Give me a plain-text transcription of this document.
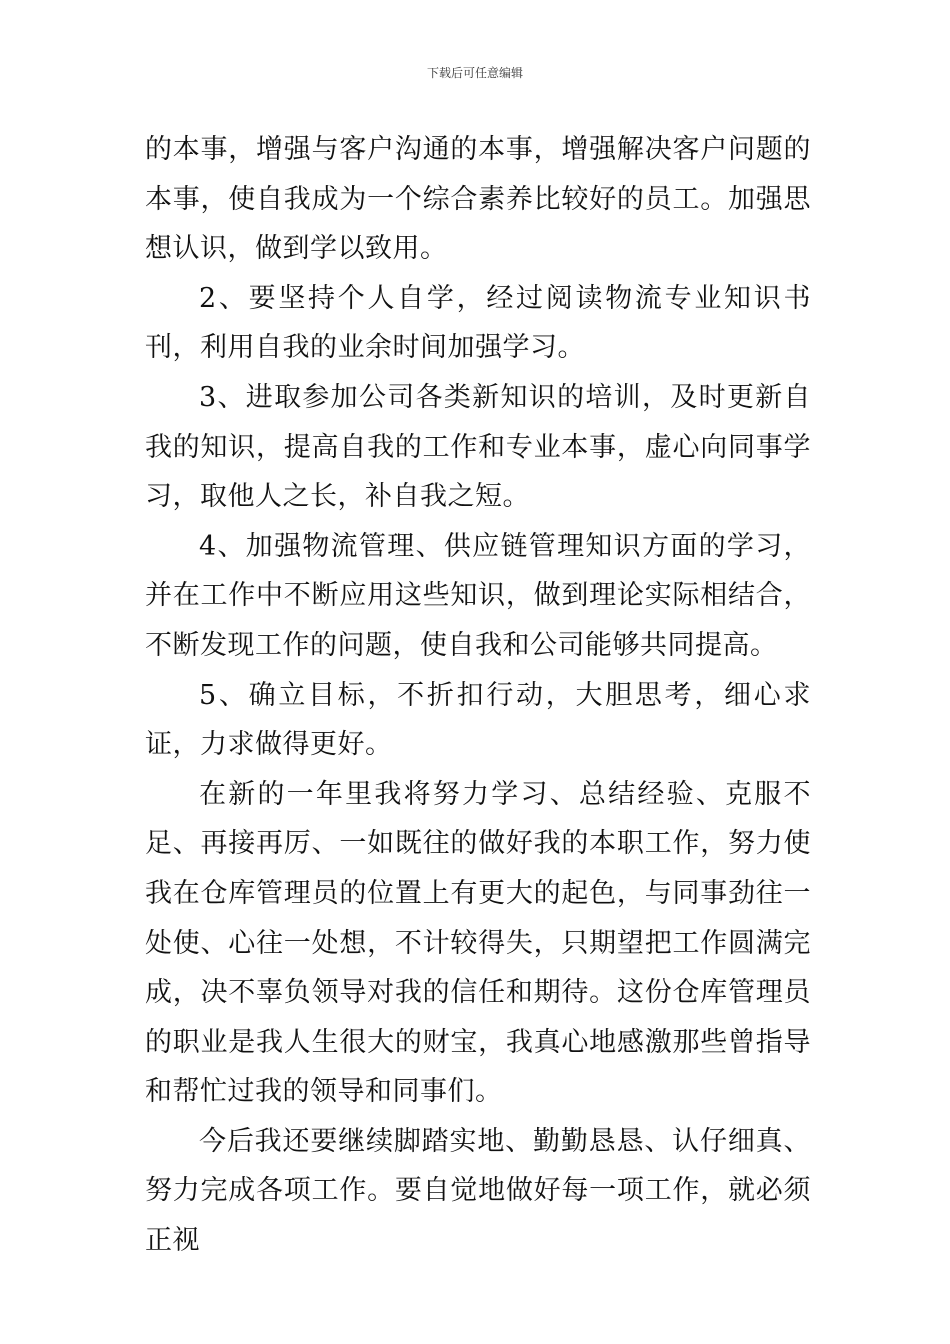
下载后可任意编辑

的本事，增强与客户沟通的本事，增强解决客户问题的本事，使自我成为一个综合素养比较好的员工。加强思想认识，做到学以致用。

2、要坚持个人自学，经过阅读物流专业知识书刊，利用自我的业余时间加强学习。

3、进取参加公司各类新知识的培训，及时更新自我的知识，提高自我的工作和专业本事，虚心向同事学习，取他人之长，补自我之短。

4、加强物流管理、供应链管理知识方面的学习，并在工作中不断应用这些知识，做到理论实际相结合，不断发现工作的问题，使自我和公司能够共同提高。

5、确立目标，不折扣行动，大胆思考，细心求证，力求做得更好。

在新的一年里我将努力学习、总结经验、克服不足、再接再厉、一如既往的做好我的本职工作，努力使我在仓库管理员的位置上有更大的起色，与同事劲往一处使、心往一处想，不计较得失，只期望把工作圆满完成，决不辜负领导对我的信任和期待。这份仓库管理员的职业是我人生很大的财宝，我真心地感激那些曾指导和帮忙过我的领导和同事们。

今后我还要继续脚踏实地、勤勤恳恳、认仔细真、努力完成各项工作。要自觉地做好每一项工作，就必须正视
